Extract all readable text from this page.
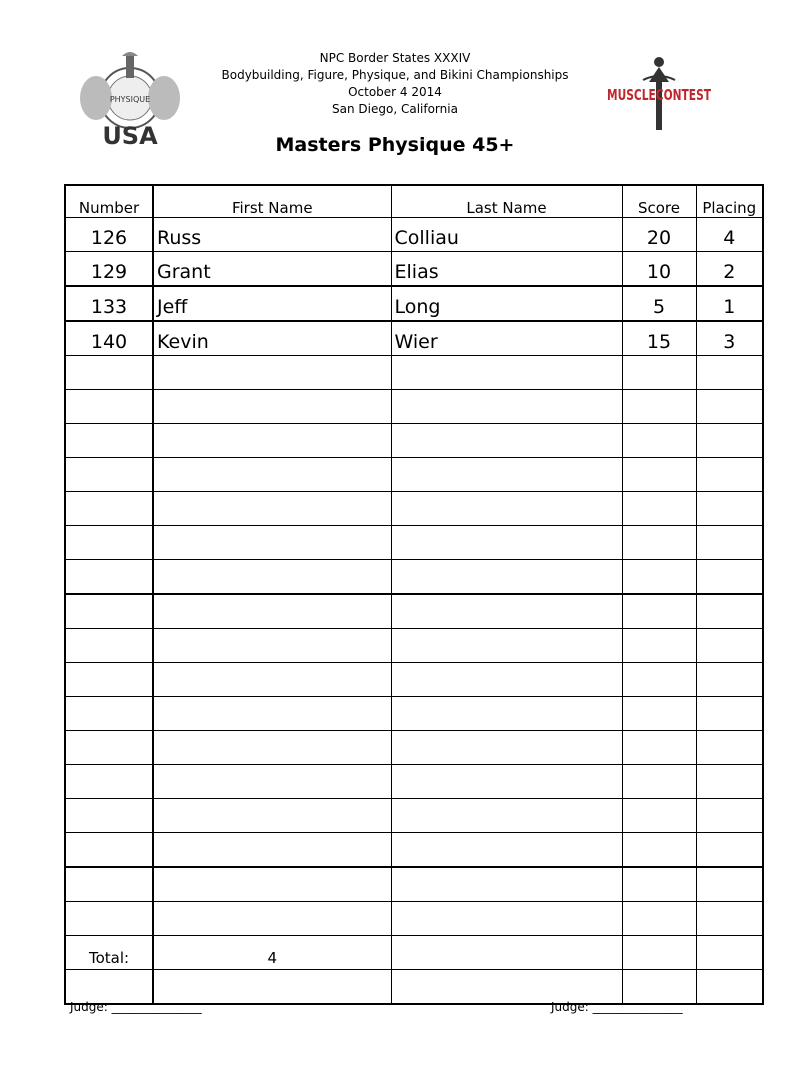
PHYSIQUE
USA
MUSCLECONTEST
NPC Border States XXXIV
Bodybuilding, Figure, Physique, and Bikini Championships
October 4 2014
San Diego, California
Masters Physique 45+
Number	First Name	Last Name	Score	Placing
126	Russ	Colliau	20	4
129	Grant	Elias	10	2
133	Jeff	Long	5	1
140	Kevin	Wier	15	3

Total:	4			

Judge: _______________	Judge: _______________
